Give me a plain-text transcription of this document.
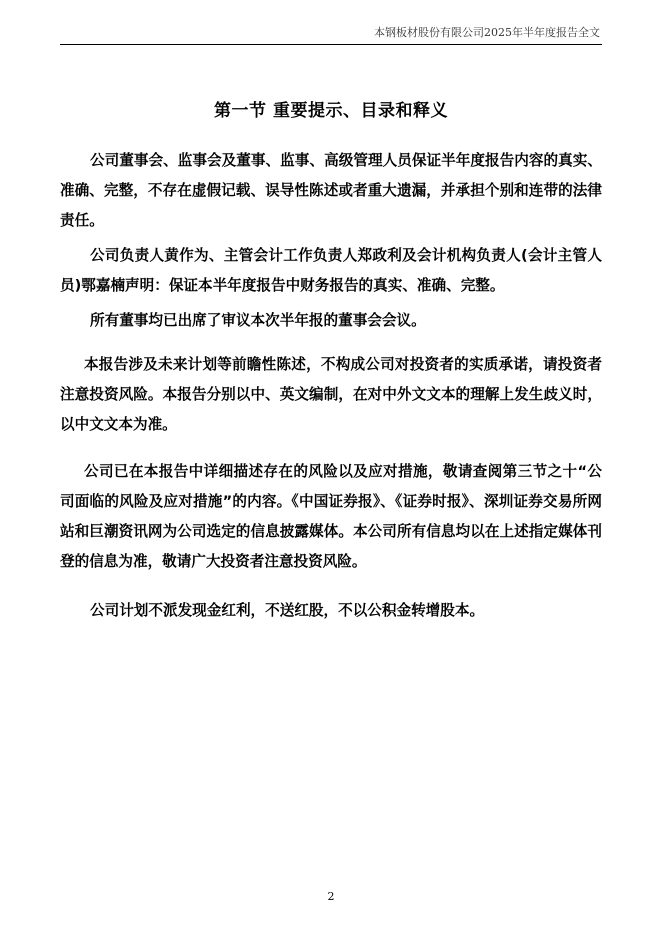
本钢板材股份有限公司2025年半年度报告全文
第一节 重要提示、目录和释义

公司董事会、监事会及董事、监事、高级管理人员保证半年度报告内容的真实、准确、完整，不存在虚假记载、误导性陈述或者重大遗漏，并承担个别和连带的法律责任。

公司负责人黄作为、主管会计工作负责人郑政利及会计机构负责人(会计主管人员)鄂嘉楠声明：保证本半年度报告中财务报告的真实、准确、完整。

所有董事均已出席了审议本次半年报的董事会会议。

本报告涉及未来计划等前瞻性陈述，不构成公司对投资者的实质承诺，请投资者注意投资风险。本报告分别以中、英文编制，在对中外文文本的理解上发生歧义时，以中文文本为准。

公司已在本报告中详细描述存在的风险以及应对措施，敬请查阅第三节之十“公司面临的风险及应对措施”的内容。《中国证券报》、《证券时报》、深圳证券交易所网站和巨潮资讯网为公司选定的信息披露媒体。本公司所有信息均以在上述指定媒体刊登的信息为准，敬请广大投资者注意投资风险。

公司计划不派发现金红利，不送红股，不以公积金转增股本。

2
